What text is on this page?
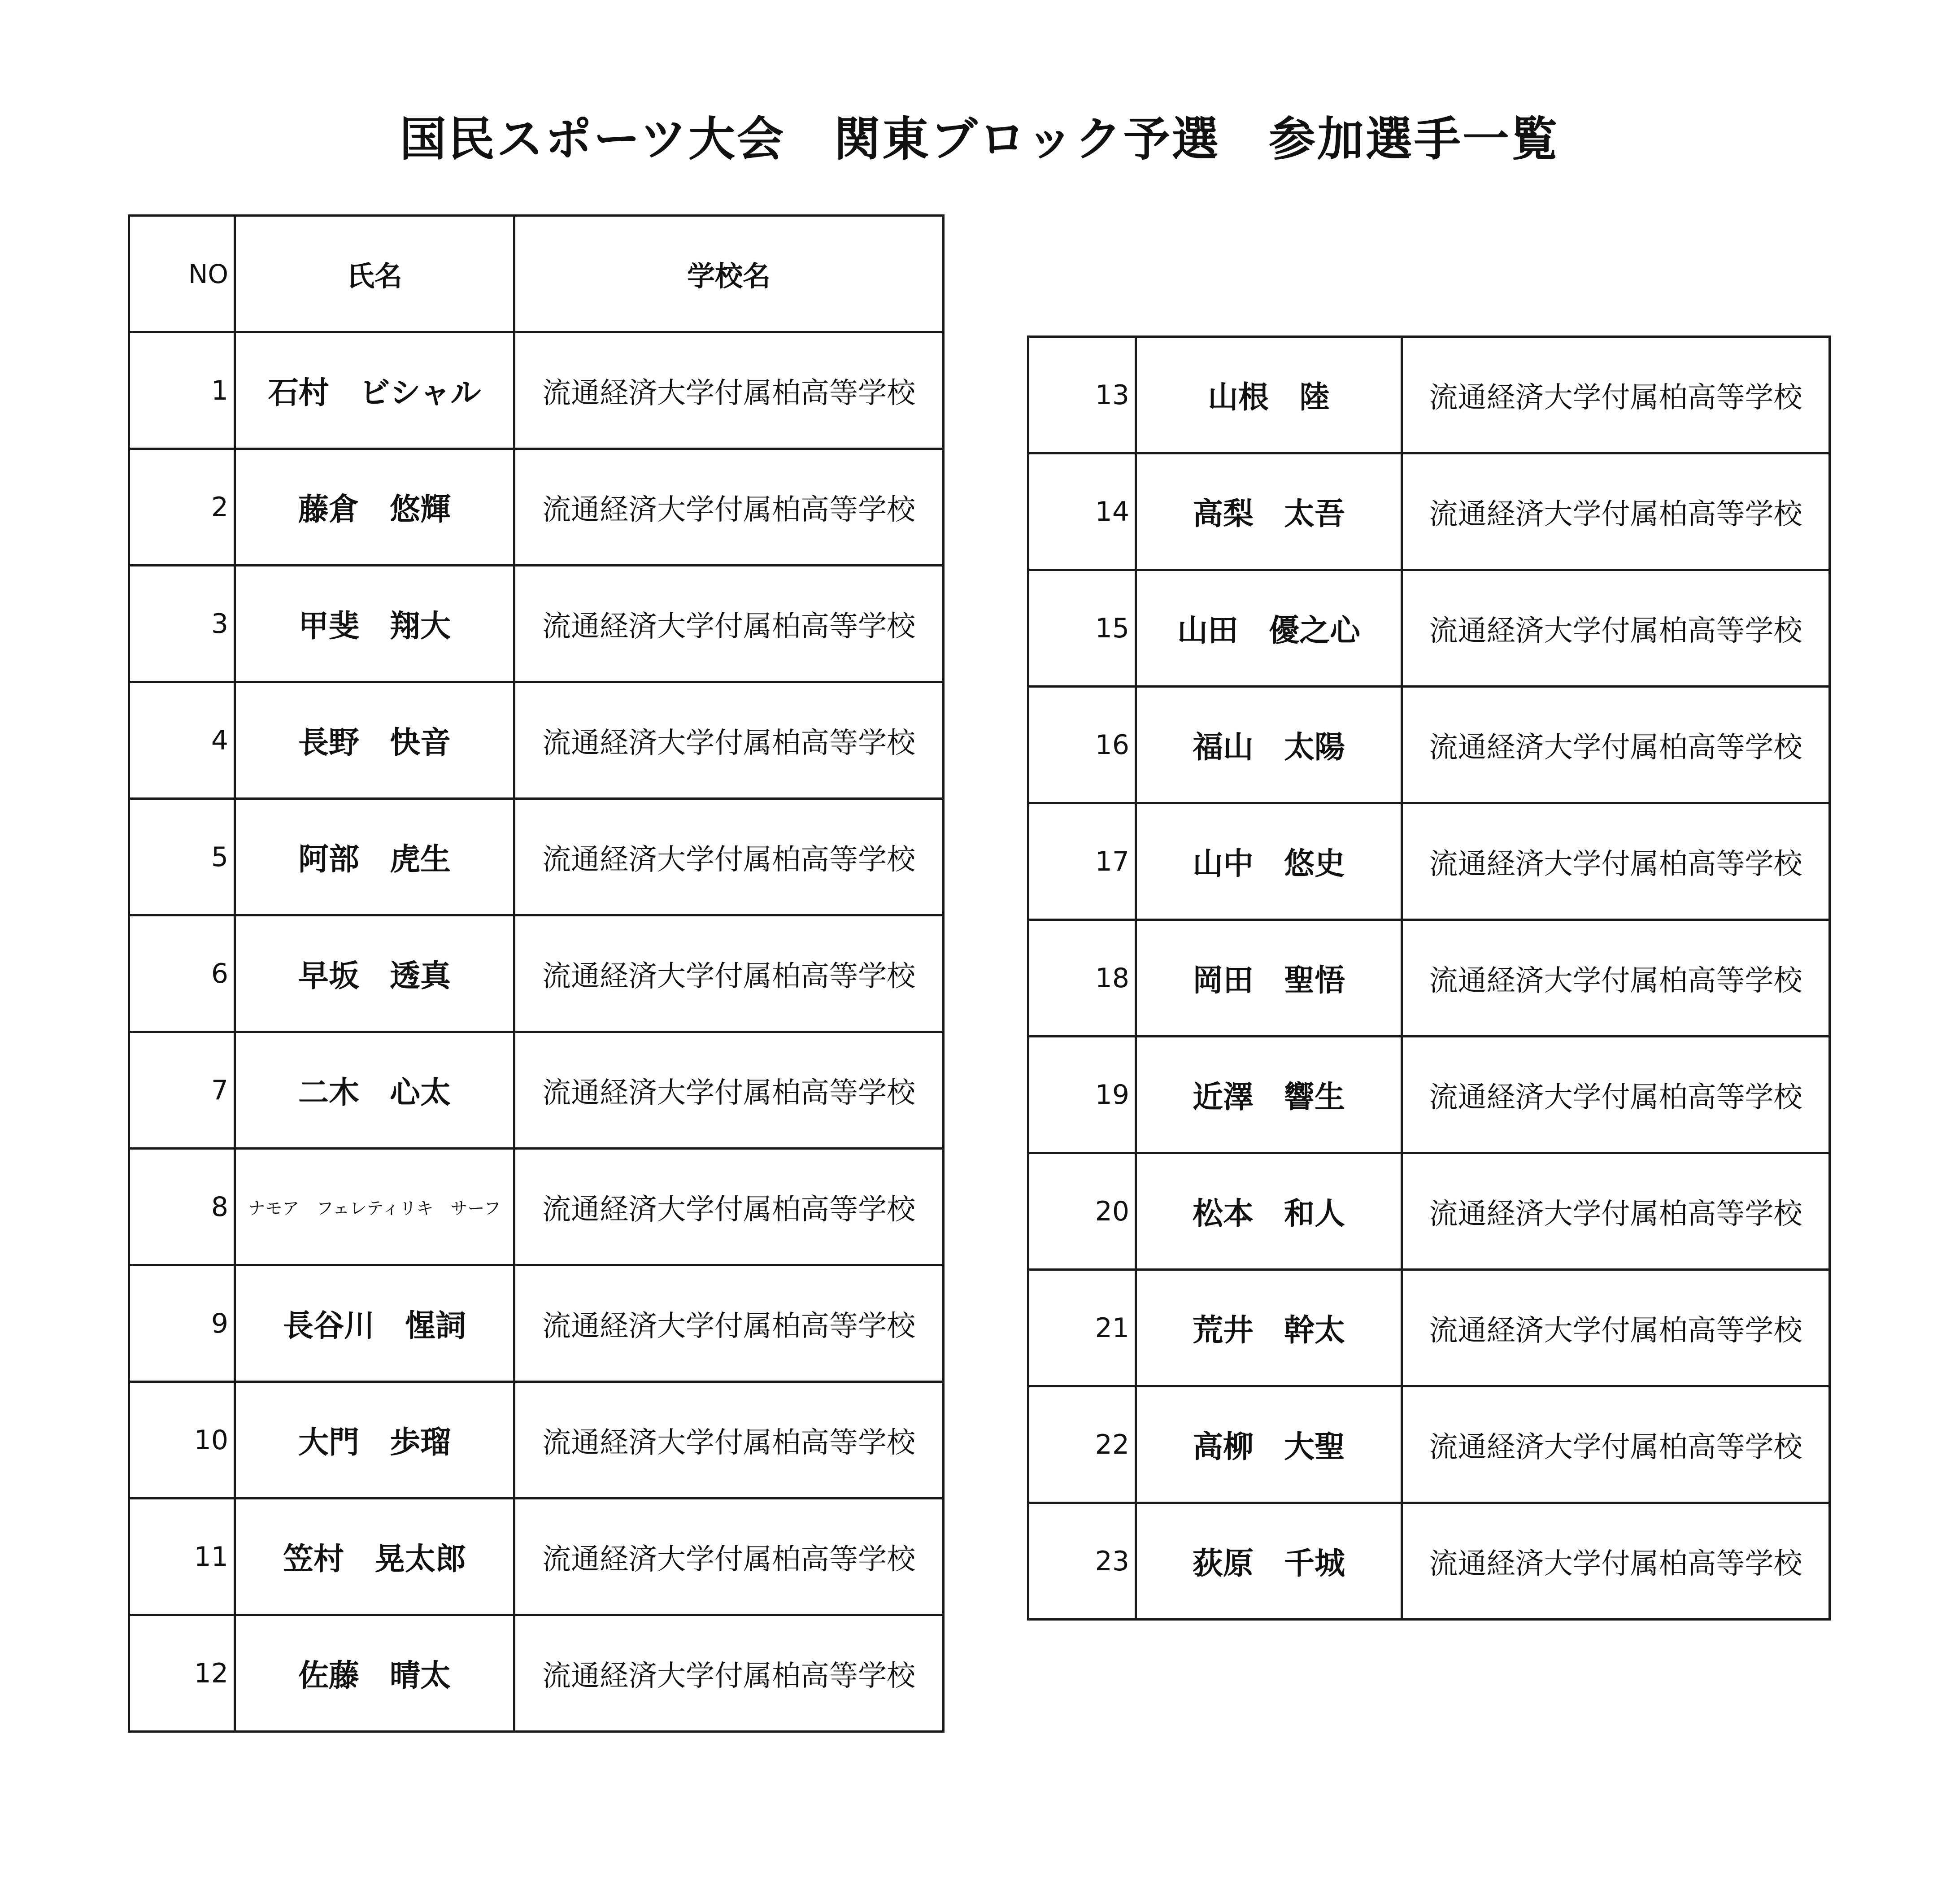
国民スポーツ大会　関東ブロック予選　参加選手一覧
NO	氏名	学校名
1	石村　ビシャル	流通経済大学付属柏高等学校
2	藤倉　悠輝	流通経済大学付属柏高等学校
3	甲斐　翔大	流通経済大学付属柏高等学校
4	長野　快音	流通経済大学付属柏高等学校
5	阿部　虎生	流通経済大学付属柏高等学校
6	早坂　透真	流通経済大学付属柏高等学校
7	二木　心太	流通経済大学付属柏高等学校
8	ナモア　フェレティリキ　サーフ	流通経済大学付属柏高等学校
9	長谷川　惺詞	流通経済大学付属柏高等学校
10	大門　歩瑠	流通経済大学付属柏高等学校
11	笠村　晃太郎	流通経済大学付属柏高等学校
12	佐藤　晴太	流通経済大学付属柏高等学校
13	山根　陸	流通経済大学付属柏高等学校
14	高梨　太吾	流通経済大学付属柏高等学校
15	山田　優之心	流通経済大学付属柏高等学校
16	福山　太陽	流通経済大学付属柏高等学校
17	山中　悠史	流通経済大学付属柏高等学校
18	岡田　聖悟	流通経済大学付属柏高等学校
19	近澤　響生	流通経済大学付属柏高等学校
20	松本　和人	流通経済大学付属柏高等学校
21	荒井　幹太	流通経済大学付属柏高等学校
22	高柳　大聖	流通経済大学付属柏高等学校
23	荻原　千城	流通経済大学付属柏高等学校
